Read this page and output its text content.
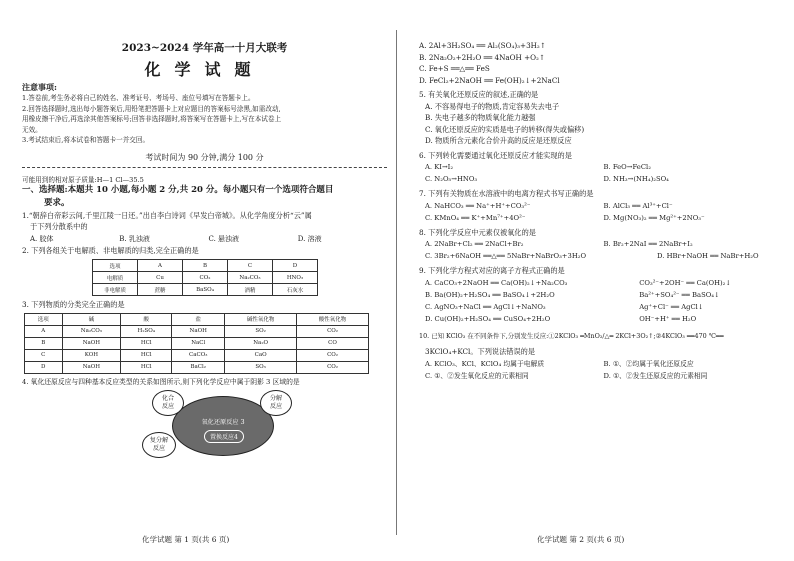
2023~2024 学年高一十月大联考
化学试题
注意事项:
1.答卷前,考生务必将自己的姓名、准考证号、考场号、座位号填写在答题卡上。
2.回答选择题时,选出每小题答案后,用铅笔把答题卡上对应题目的答案标号涂黑,如需改动,
用橡皮擦干净后,再选涂其他答案标号;回答非选择题时,将答案写在答题卡上,写在本试卷上
无效。
3.考试结束后,将本试卷和答题卡一并交回。
考试时间为 90 分钟,满分 100 分
可能用到的相对原子质量:H—1 Cl—35.5
一、选择题:本题共 10 小题,每小题 2 分,共 20 分。每小题只有一个选项符合题目
要求。
1.“朝辞白帝彩云间,千里江陵一日还。”出自李白诗词《早发白帝城》。从化学角度分析“云”属
于下列分散系中的
A. 胶体	B. 乳浊液	C. 悬浊液	D. 溶液
2. 下列各组关于电解质、非电解质的归类,完全正确的是
选项	A	B	C	D
电解质	Cu	CO₂	Na₂CO₃	HNO₃
非电解质	蔗糖	BaSO₄	酒精	石灰水
3. 下列物质的分类完全正确的是
选项	碱	酸	盐	碱性氧化物	酸性氧化物
A	Na₂CO₃	H₂SO₄	NaOH	SO₂	CO₂
B	NaOH	HCl	NaCl	Na₂O	CO
C	KOH	HCl	CaCO₃	CaO	CO₂
D	NaOH	HCl	BaCl₂	SO₃	CO₂
4. 氧化还原反应与四种基本反应类型的关系如图所示,则下列化学反应中属于阴影 3 区域的是
氧化还原反应 3
化合
反应
分解
反应
置换反应4
复分解
反应
化学试题 第 1 页(共 6 页)
A. 2Al+3H₂SO₄ ══ Al₂(SO₄)₃+3H₂↑
B. 2Na₂O₂+2H₂O ══ 4NaOH +O₂↑
C. Fe+S ══△══ FeS
D. FeCl₂+2NaOH ══ Fe(OH)₂↓+2NaCl
5. 有关氧化还原反应的叙述,正确的是
A. 不容易得电子的物质,肯定容易失去电子
B. 失电子越多的物质氧化能力越强
C. 氧化还原反应的实质是电子的转移(得失或偏移)
D. 物质所含元素化合价升高的反应是还原反应
6. 下列转化需要通过氧化还原反应才能实现的是
A. KI→I₂	B. FeO→FeCl₂
C. N₂O₅→HNO₃	D. NH₃→(NH₄)₂SO₄
7. 下列有关物质在水溶液中的电离方程式书写正确的是
A. NaHCO₃ ══ Na⁺+H⁺+CO₃²⁻	B. AlCl₃ ══ Al³⁺+Cl⁻
C. KMnO₄ ══ K⁺+Mn⁷⁺+4O²⁻	D. Mg(NO₃)₂ ══ Mg²⁺+2NO₃⁻
8. 下列化学反应中元素仅被氧化的是
A. 2NaBr+Cl₂ ══ 2NaCl+Br₂	B. Br₂+2NaI ══ 2NaBr+I₂
C. 3Br₂+6NaOH ══△══ 5NaBr+NaBrO₃+3H₂O	D. HBr+NaOH ══ NaBr+H₂O
9. 下列化学方程式对应的离子方程式正确的是
A. CaCO₃+2NaOH ══ Ca(OH)₂↓+Na₂CO₃	CO₃²⁻+2OH⁻ ══ Ca(OH)₂↓
B. Ba(OH)₂+H₂SO₄ ══ BaSO₄↓+2H₂O	Ba²⁺+SO₄²⁻ ══ BaSO₄↓
C. AgNO₃+NaCl ══ AgCl↓+NaNO₃	Ag⁺+Cl⁻ ══ AgCl↓
D. Cu(OH)₂+H₂SO₄ ══ CuSO₄+2H₂O	OH⁻+H⁺ ══ H₂O
10. 已知 KClO₃ 在不同条件下,分别发生反应:①2KClO₃ ═MnO₂/△═ 2KCl+3O₂↑;②4KClO₃ ══470 ℃══
3KClO₄+KCl。下列说法错误的是
A. KClO₃、KCl、KClO₄ 均属于电解质	B. ①、②均属于氧化还原反应
C. ①、②发生氧化反应的元素相同	D. ①、②发生还原反应的元素相同
化学试题 第 2 页(共 6 页)
